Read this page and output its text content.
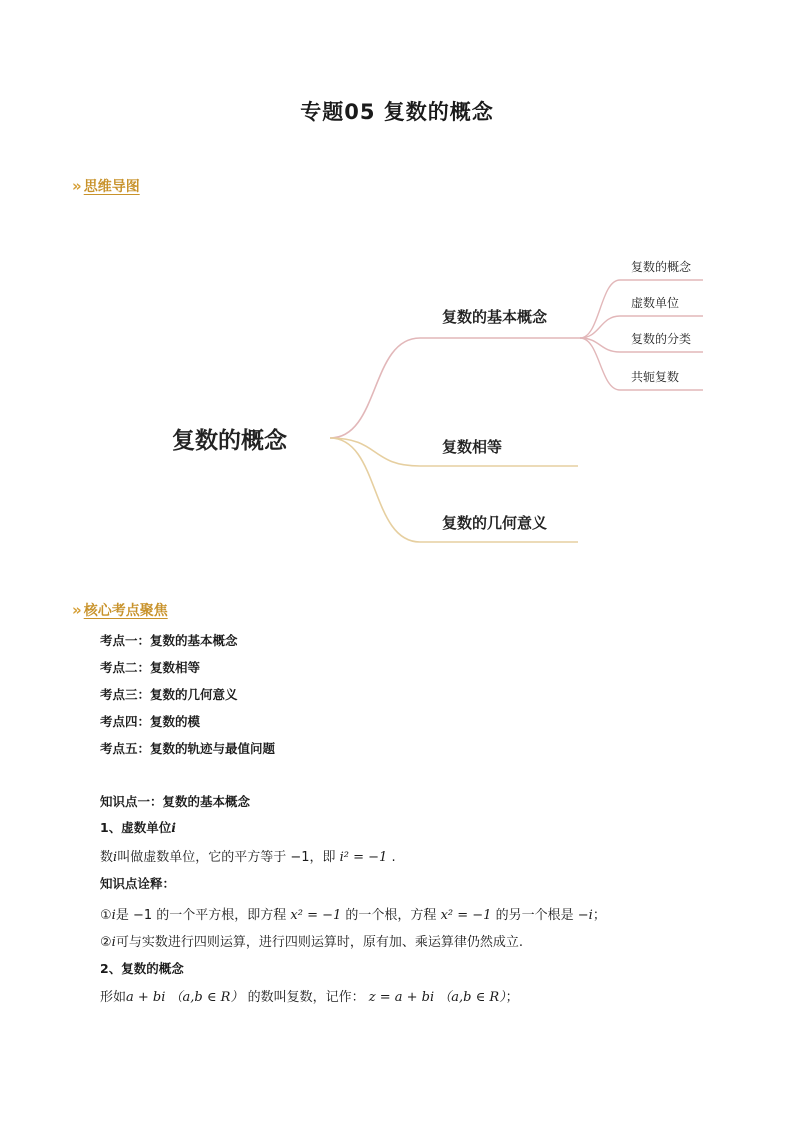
专题05 复数的概念
» 思维导图
复数的概念
复数的基本概念
复数相等
复数的几何意义
复数的概念
虚数单位
复数的分类
共轭复数
» 核心考点聚焦
考点一：复数的基本概念
考点二：复数相等
考点三：复数的几何意义
考点四：复数的模
考点五：复数的轨迹与最值问题
知识点一：复数的基本概念
1、虚数单位i
数i叫做虚数单位，它的平方等于 −1，即 i² = −1 .
知识点诠释：
①i是 −1 的一个平方根，即方程 x² = −1 的一个根，方程 x² = −1 的另一个根是 −i；
②i可与实数进行四则运算，进行四则运算时，原有加、乘运算律仍然成立.
2、复数的概念
形如a + bi （a,b ∈ R） 的数叫复数，记作： z = a + bi （a,b ∈ R）；
